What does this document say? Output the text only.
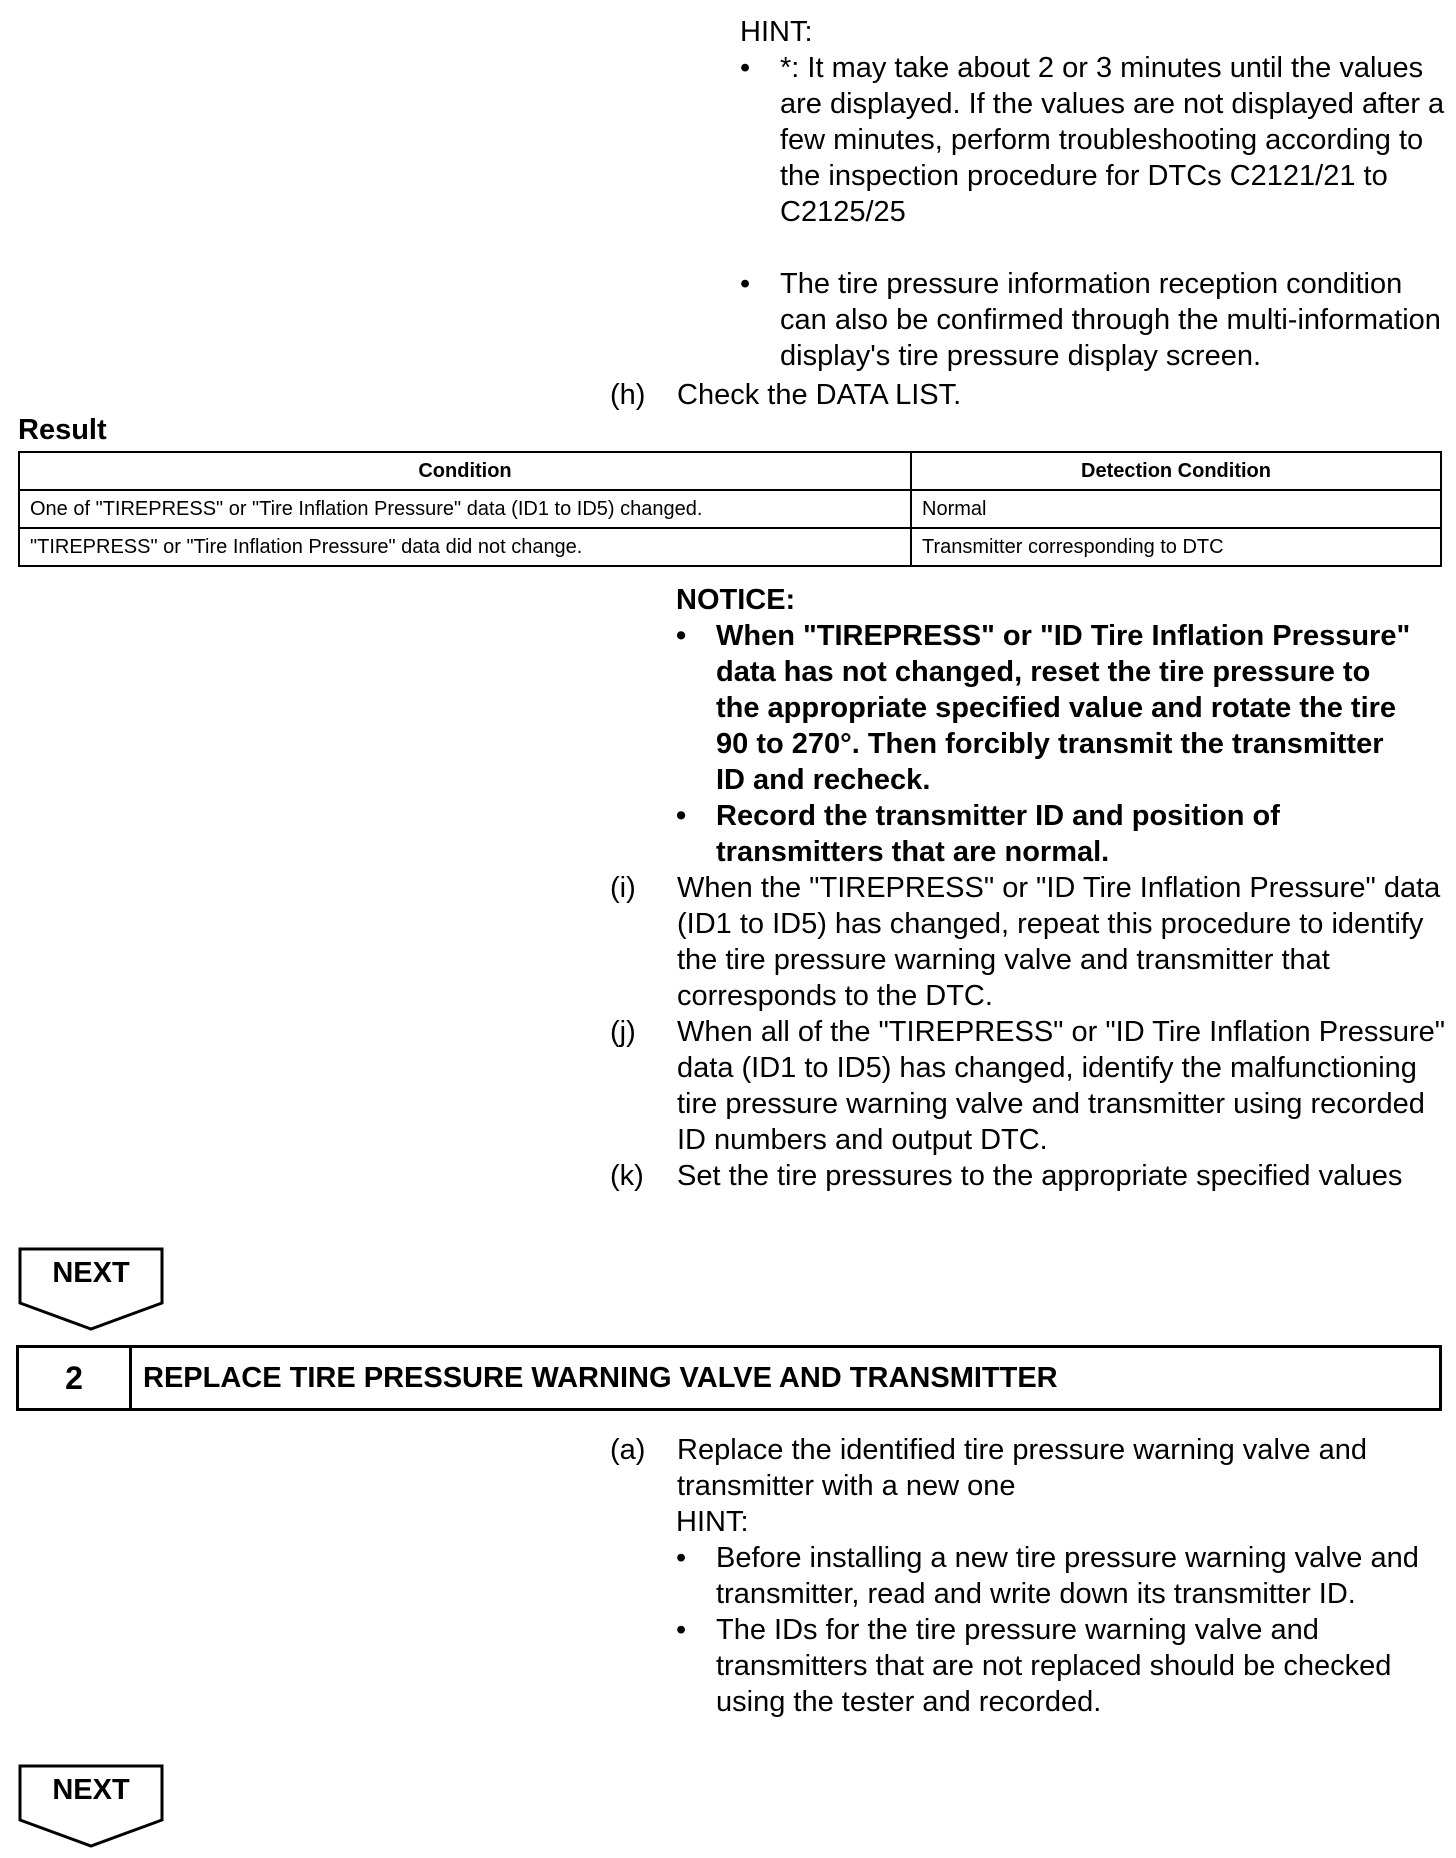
HINT:
•	*: It may take about 2 or 3 minutes until the values are displayed. If the values are not displayed after a few minutes, perform troubleshooting according to the inspection procedure for DTCs C2121/21 to C2125/25
•	The tire pressure information reception condition can also be confirmed through the multi-information display's tire pressure display screen.
(h)	Check the DATA LIST.
Result
Condition	Detection Condition
One of "TIREPRESS" or "Tire Inflation Pressure" data (ID1 to ID5) changed.	Normal
"TIREPRESS" or "Tire Inflation Pressure" data did not change.	Transmitter corresponding to DTC
NOTICE:
•	When "TIREPRESS" or "ID Tire Inflation Pressure" data has not changed, reset the tire pressure to the appropriate specified value and rotate the tire 90 to 270°. Then forcibly transmit the transmitter ID and recheck.
•	Record the transmitter ID and position of transmitters that are normal.
(i)	When the "TIREPRESS" or "ID Tire Inflation Pressure" data (ID1 to ID5) has changed, repeat this procedure to identify the tire pressure warning valve and transmitter that corresponds to the DTC.
(j)	When all of the "TIREPRESS" or "ID Tire Inflation Pressure" data (ID1 to ID5) has changed, identify the malfunctioning tire pressure warning valve and transmitter using recorded ID numbers and output DTC.
(k)	Set the tire pressures to the appropriate specified values
NEXT
2	REPLACE TIRE PRESSURE WARNING VALVE AND TRANSMITTER
(a)	Replace the identified tire pressure warning valve and transmitter with a new one
HINT:
•	Before installing a new tire pressure warning valve and transmitter, read and write down its transmitter ID.
•	The IDs for the tire pressure warning valve and transmitters that are not replaced should be checked using the tester and recorded.
NEXT
